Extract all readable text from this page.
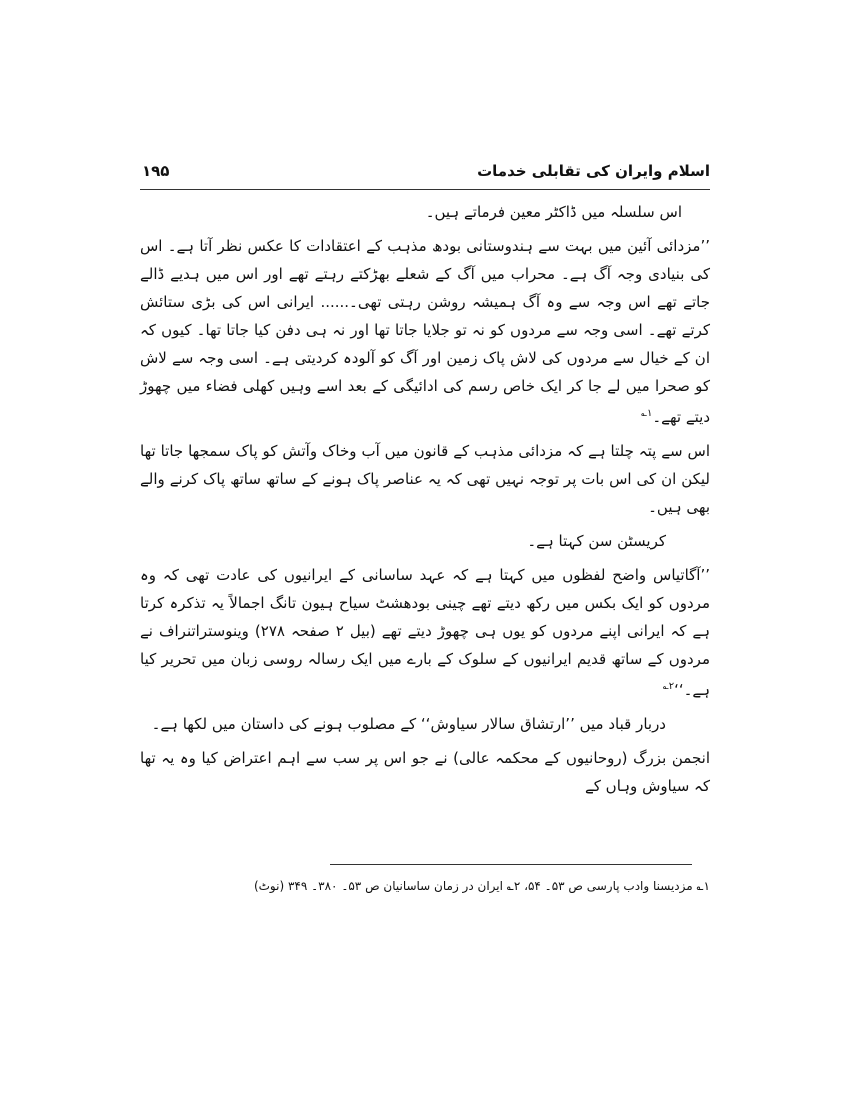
اسلام وایران کی تقابلی خدمات
۱۹۵

اس سلسلہ میں ڈاکٹر معین فرماتے ہیں۔

’’مزدائی آئین میں بہت سے ہندوستانی بودھ مذہب کے اعتقادات کا عکس نظر آتا ہے۔ اس کی بنیادی وجہ آگ ہے۔ محراب میں آگ کے شعلے بھڑکتے رہتے تھے اور اس میں ہدیے ڈالے جاتے تھے اس وجہ سے وہ آگ ہمیشہ روشن رہتی تھی۔...... ایرانی اس کی بڑی ستائش کرتے تھے۔ اسی وجہ سے مردوں کو نہ تو جلایا جاتا تھا اور نہ ہی دفن کیا جاتا تھا۔ کیوں کہ ان کے خیال سے مردوں کی لاش پاک زمین اور آگ کو آلودہ کردیتی ہے۔ اسی وجہ سے لاش کو صحرا میں لے جا کر ایک خاص رسم کی ادائیگی کے بعد اسے وہیں کھلی فضاء میں چھوڑ دیتے تھے۔$^{۱؎}$

اس سے پتہ چلتا ہے کہ مزدائی مذہب کے قانون میں آب وخاک وآتش کو پاک سمجھا جاتا تھا لیکن ان کی اس بات پر توجہ نہیں تھی کہ یہ عناصر پاک ہونے کے ساتھ ساتھ پاک کرنے والے بھی ہیں۔

کریسٹن سن کہتا ہے۔

’’آگاتیاس واضح لفظوں میں کہتا ہے کہ عہد ساسانی کے ایرانیوں کی عادت تھی کہ وہ مردوں کو ایک بکس میں رکھ دیتے تھے چینی بودھشٹ سیاح ہیون تانگ اجمالاً یہ تذکرہ کرتا ہے کہ ایرانی اپنے مردوں کو یوں ہی چھوڑ دیتے تھے (بیل ۲ صفحہ ۲۷۸) وینوستراتنراف نے مردوں کے ساتھ قدیم ایرانیوں کے سلوک کے بارے میں ایک رسالہ روسی زبان میں تحریر کیا ہے۔‘‘$^{۲؎}$

دربار قباد میں ’’ارتشاق سالار سیاوش‘‘ کے مصلوب ہونے کی داستان میں لکھا ہے۔

انجمن بزرگ (روحانیوں کے محکمہ عالی) نے جو اس پر سب سے اہم اعتراض کیا وہ یہ تھا کہ سیاوش وہاں کے

۱؎ مزدیسنا وادب پارسی ص ۵۳۔ ۵۴، ۲؎ ایران در زمان ساسانیان ص ۵۳۔ ۳۸۰۔ ۳۴۹ (نوٹ)
